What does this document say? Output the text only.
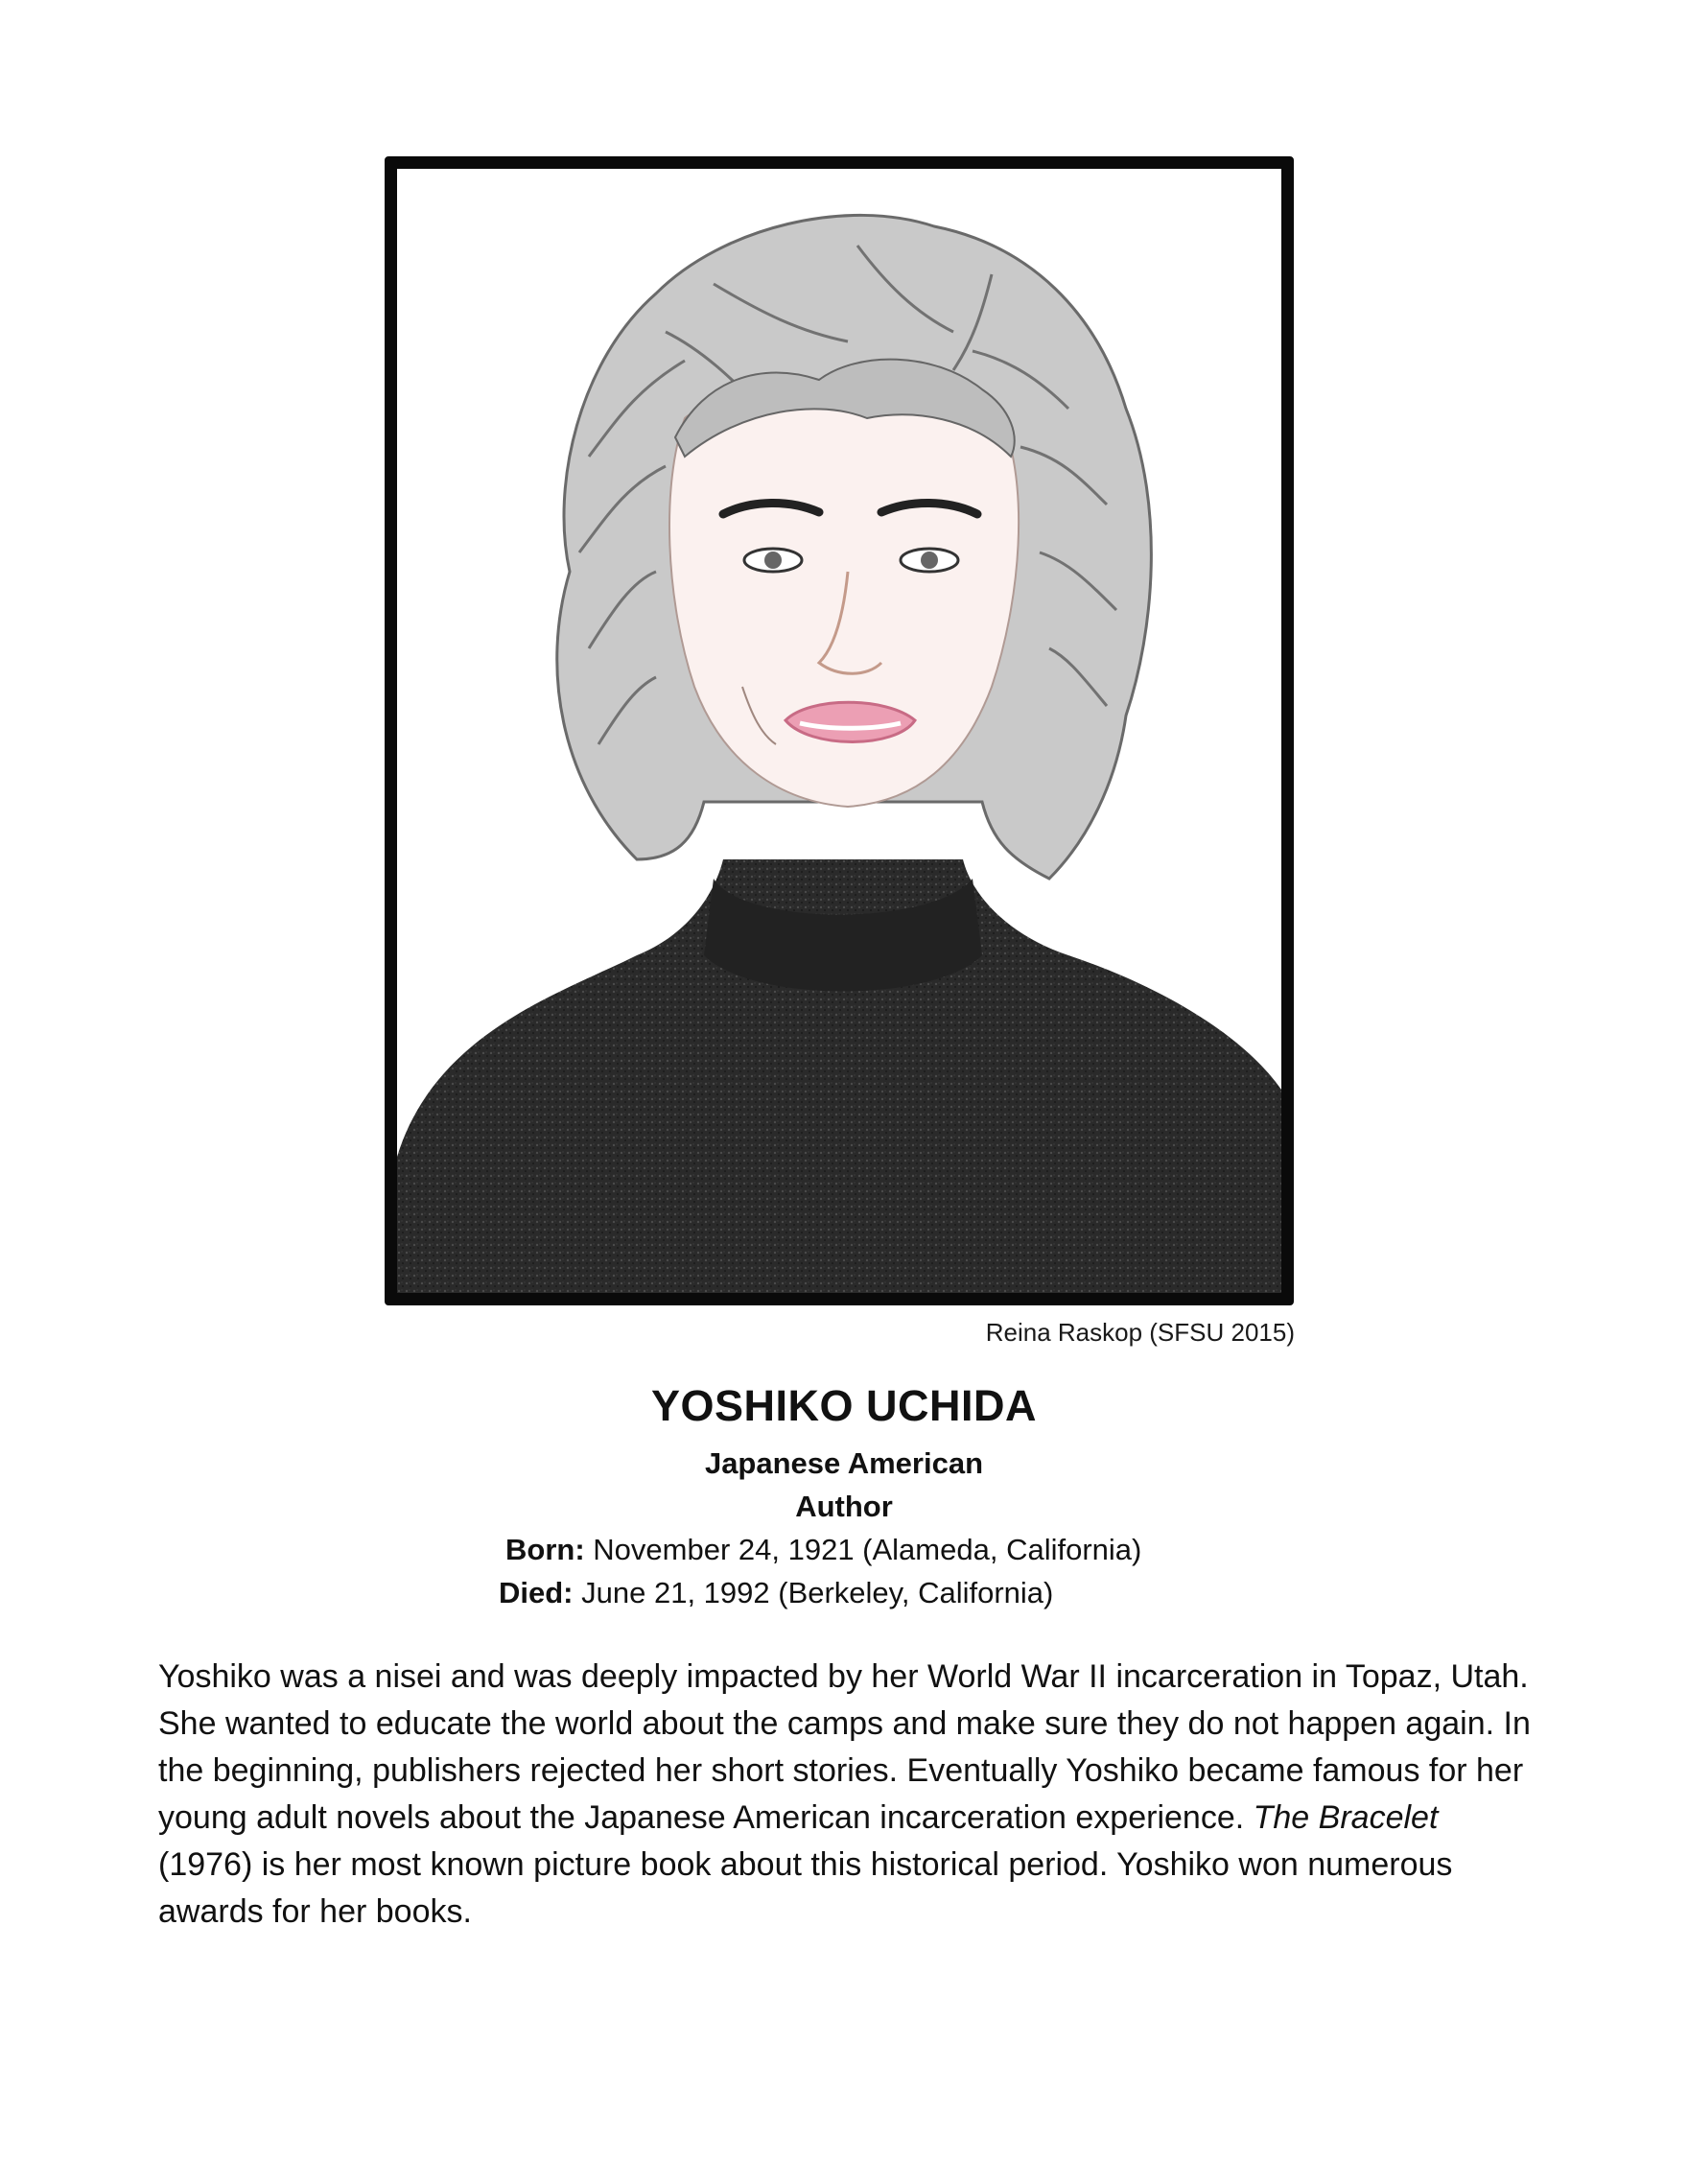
Reina Raskop (SFSU 2015)
YOSHIKO UCHIDA
Japanese American
Author
Born: November 24, 1921 (Alameda, California)
Died: June 21, 1992 (Berkeley, California)

Yoshiko was a nisei and was deeply impacted by her World War II incarceration in Topaz, Utah. She wanted to educate the world about the camps and make sure they do not happen again. In the beginning, publishers rejected her short stories. Eventually Yoshiko became famous for her young adult novels about the Japanese American incarceration experience. The Bracelet (1976) is her most known picture book about this historical period. Yoshiko won numerous awards for her books.
